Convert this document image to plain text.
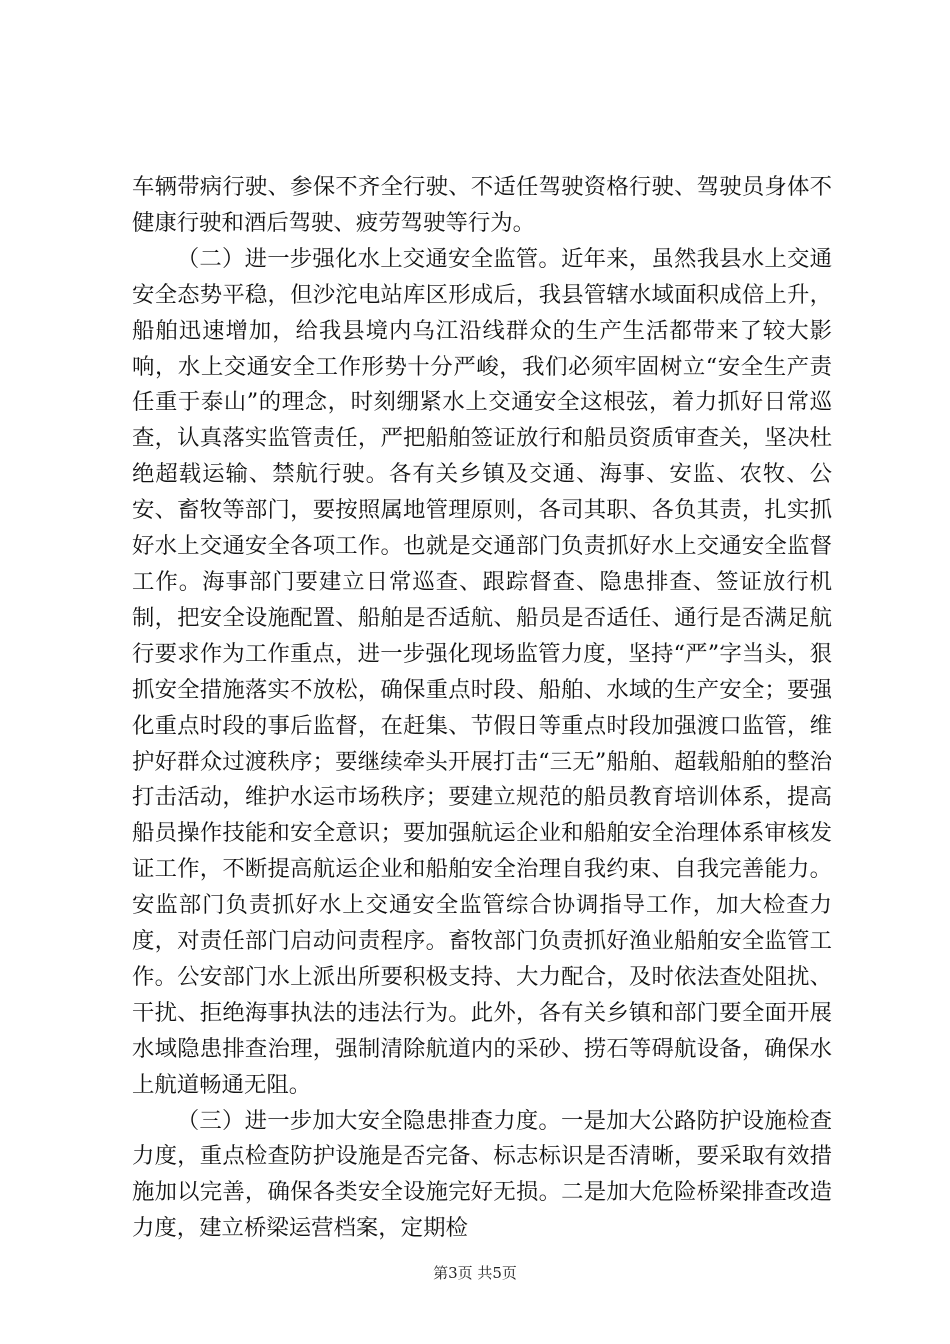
车辆带病行驶、参保不齐全行驶、不适任驾驶资格行驶、驾驶员身体不健康行驶和酒后驾驶、疲劳驾驶等行为。

（二）进一步强化水上交通安全监管。近年来，虽然我县水上交通安全态势平稳，但沙沱电站库区形成后，我县管辖水域面积成倍上升，船舶迅速增加，给我县境内乌江沿线群众的生产生活都带来了较大影响，水上交通安全工作形势十分严峻，我们必须牢固树立“安全生产责任重于泰山”的理念，时刻绷紧水上交通安全这根弦，着力抓好日常巡查，认真落实监管责任，严把船舶签证放行和船员资质审查关，坚决杜绝超载运输、禁航行驶。各有关乡镇及交通、海事、安监、农牧、公安、畜牧等部门，要按照属地管理原则，各司其职、各负其责，扎实抓好水上交通安全各项工作。也就是交通部门负责抓好水上交通安全监督工作。海事部门要建立日常巡查、跟踪督查、隐患排查、签证放行机制，把安全设施配置、船舶是否适航、船员是否适任、通行是否满足航行要求作为工作重点，进一步强化现场监管力度，坚持“严”字当头，狠抓安全措施落实不放松，确保重点时段、船舶、水域的生产安全；要强化重点时段的事后监督，在赶集、节假日等重点时段加强渡口监管，维护好群众过渡秩序；要继续牵头开展打击“三无”船舶、超载船舶的整治打击活动，维护水运市场秩序；要建立规范的船员教育培训体系，提高船员操作技能和安全意识；要加强航运企业和船舶安全治理体系审核发证工作，不断提高航运企业和船舶安全治理自我约束、自我完善能力。安监部门负责抓好水上交通安全监管综合协调指导工作，加大检查力度，对责任部门启动问责程序。畜牧部门负责抓好渔业船舶安全监管工作。公安部门水上派出所要积极支持、大力配合，及时依法查处阻扰、干扰、拒绝海事执法的违法行为。此外，各有关乡镇和部门要全面开展水域隐患排查治理，强制清除航道内的采砂、捞石等碍航设备，确保水上航道畅通无阻。

（三）进一步加大安全隐患排查力度。一是加大公路防护设施检查力度，重点检查防护设施是否完备、标志标识是否清晰，要采取有效措施加以完善，确保各类安全设施完好无损。二是加大危险桥梁排查改造力度，建立桥梁运营档案，定期检

第3页 共5页
